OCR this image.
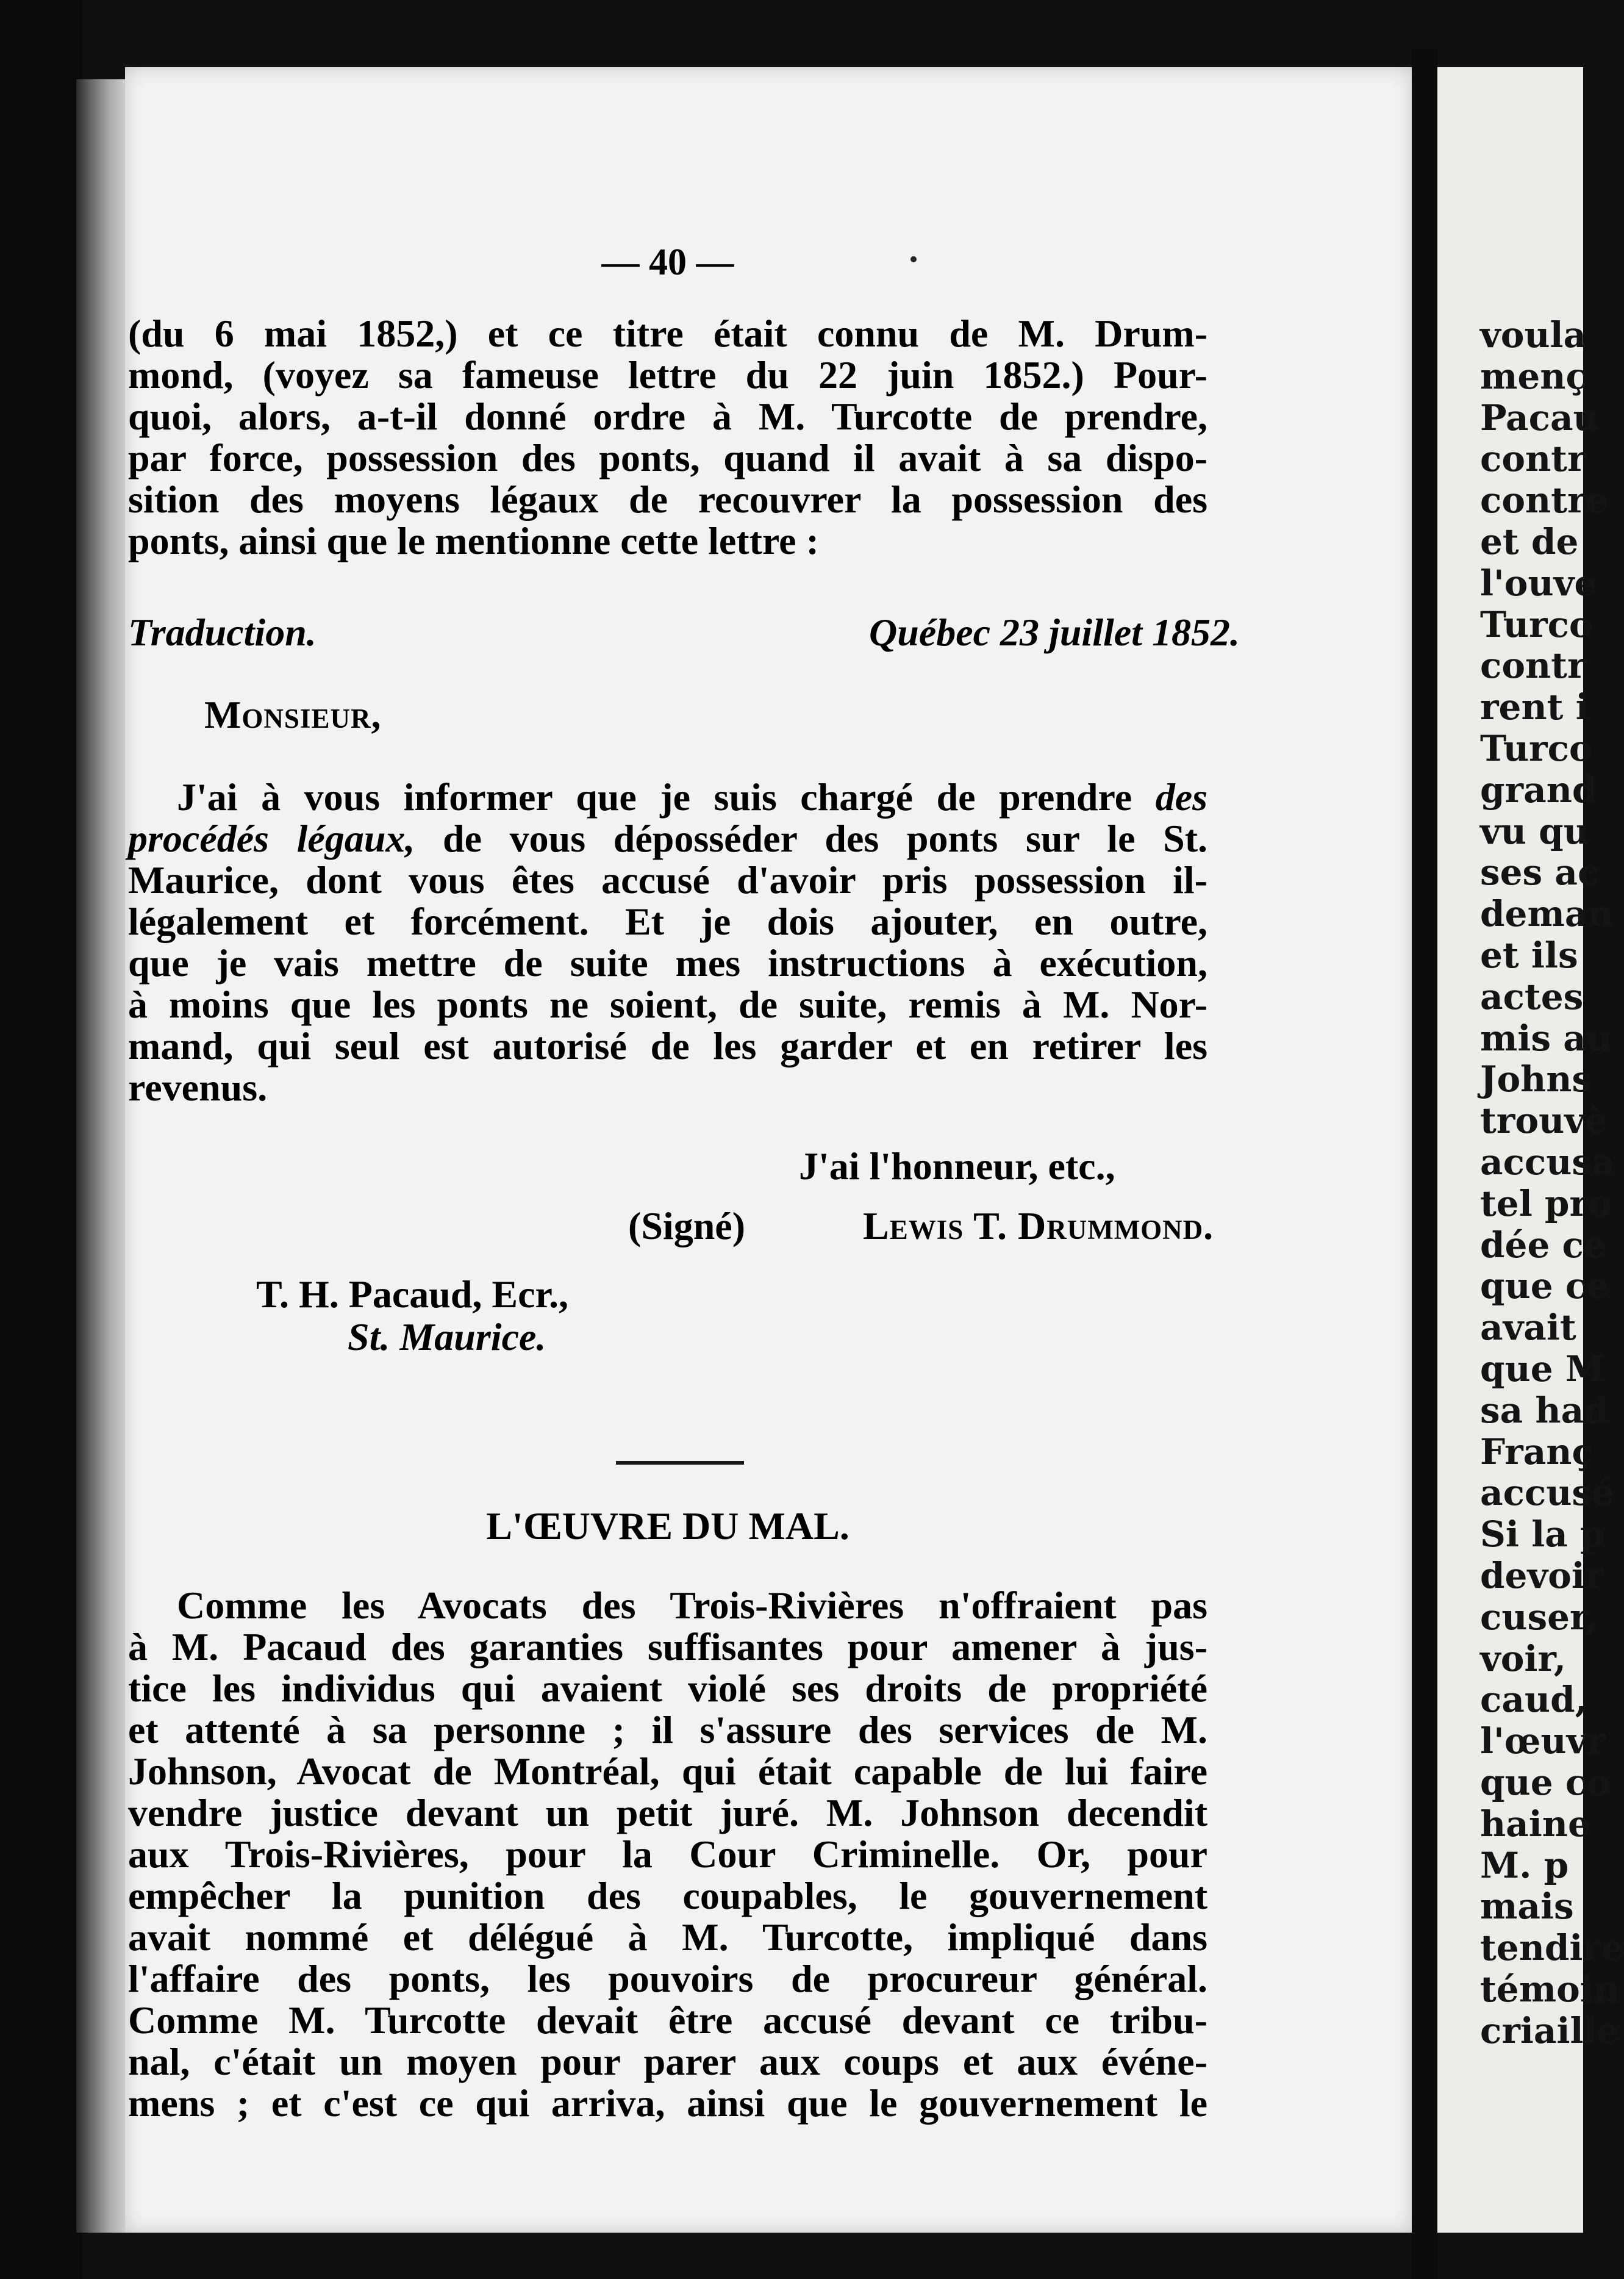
voula
menç
Pacau
contr
contre
et de
l'ouve
Turco
contr
rent i
Turco
grand
vu qu
ses ac
deman
et ils
actes
mis au
Johns
trouvè
accusa
tel pro
dée ce
que ce
avait
que M
sa had
Franç
accusé
Si la p
devoir
cuser,
voir,
caud,
l'œuvr
que co
haine
M. p
mais
tendire
témoin
criaille
— 40 —
(du 6 mai 1852,) et ce titre était connu de M. Drum-
mond, (voyez sa fameuse lettre du 22 juin 1852.) Pour-
quoi, alors, a-t-il donné ordre à M. Turcotte de prendre,
par force, possession des ponts, quand il avait à sa dispo-
sition des moyens légaux de recouvrer la possession des
ponts, ainsi que le mentionne cette lettre :
Traduction.	Québec 23 juillet 1852.
Monsieur,
J'ai à vous informer que je suis chargé de prendre des
procédés légaux, de vous déposséder des ponts sur le St.
Maurice, dont vous êtes accusé d'avoir pris possession il-
légalement et forcément. Et je dois ajouter, en outre,
que je vais mettre de suite mes instructions à exécution,
à moins que les ponts ne soient, de suite, remis à M. Nor-
mand, qui seul est autorisé de les garder et en retirer les
revenus.
J'ai l'honneur, etc.,
(Signé)	Lewis T. Drummond.
T. H. Pacaud, Ecr.,
St. Maurice.
L'ŒUVRE DU MAL.
Comme les Avocats des Trois-Rivières n'offraient pas
à M. Pacaud des garanties suffisantes pour amener à jus-
tice les individus qui avaient violé ses droits de propriété
et attenté à sa personne ; il s'assure des services de M.
Johnson, Avocat de Montréal, qui était capable de lui faire
vendre justice devant un petit juré. M. Johnson decendit
aux Trois-Rivières, pour la Cour Criminelle. Or, pour
empêcher la punition des coupables, le gouvernement
avait nommé et délégué à M. Turcotte, impliqué dans
l'affaire des ponts, les pouvoirs de procureur général.
Comme M. Turcotte devait être accusé devant ce tribu-
nal, c'était un moyen pour parer aux coups et aux événe-
mens ; et c'est ce qui arriva, ainsi que le gouvernement le
